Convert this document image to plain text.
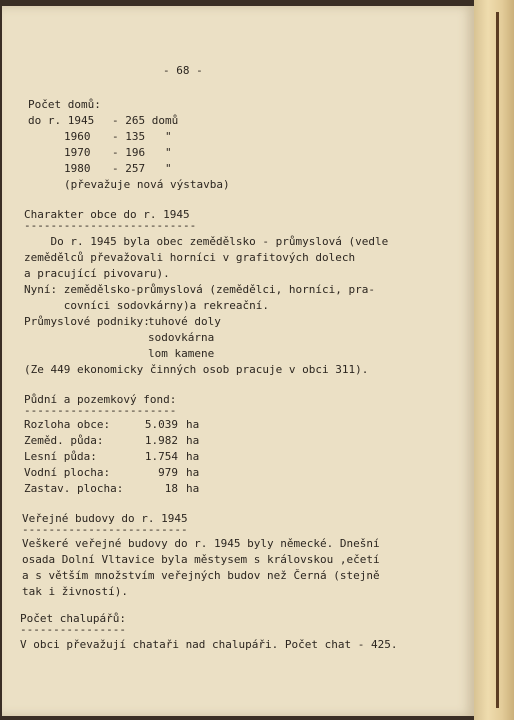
- 68 -
Počet domů:
do r. 1945 - 265 domů
1960 - 135   "
1970 - 196   "
1980 - 257   "
(převažuje nová výstavba)
Charakter obce do r. 1945
--------------------------
Do r. 1945 byla obec zemědělsko - průmyslová (vedle
zemědělců převažovali horníci v grafitových dolech
a pracující pivovaru).
Nyní: zemědělsko-průmyslová (zemědělci, horníci, pra-
covníci sodovkárny)a rekreační.
Průmyslové podniky:
tuhové doly
sodovkárna
lom kamene
(Ze 449 ekonomicky činných osob pracuje v obci 311).
Půdní a pozemkový fond:
-----------------------
Rozloha obce:	5.039 ha
Zeměd. půda:	1.982 ha
Lesní půda:	1.754 ha
Vodní plocha:	979 ha
Zastav. plocha:	18 ha
Veřejné budovy do r. 1945
-------------------------
Veškeré veřejné budovy do r. 1945 byly německé. Dnešní
osada Dolní Vltavice byla městysem s královskou ,ečetí
a s větším množstvím veřejných budov než Černá (stejně
tak i živností).
Počet chalupářů:
----------------
V obci převažují chataři nad chalupáři. Počet chat - 425.
